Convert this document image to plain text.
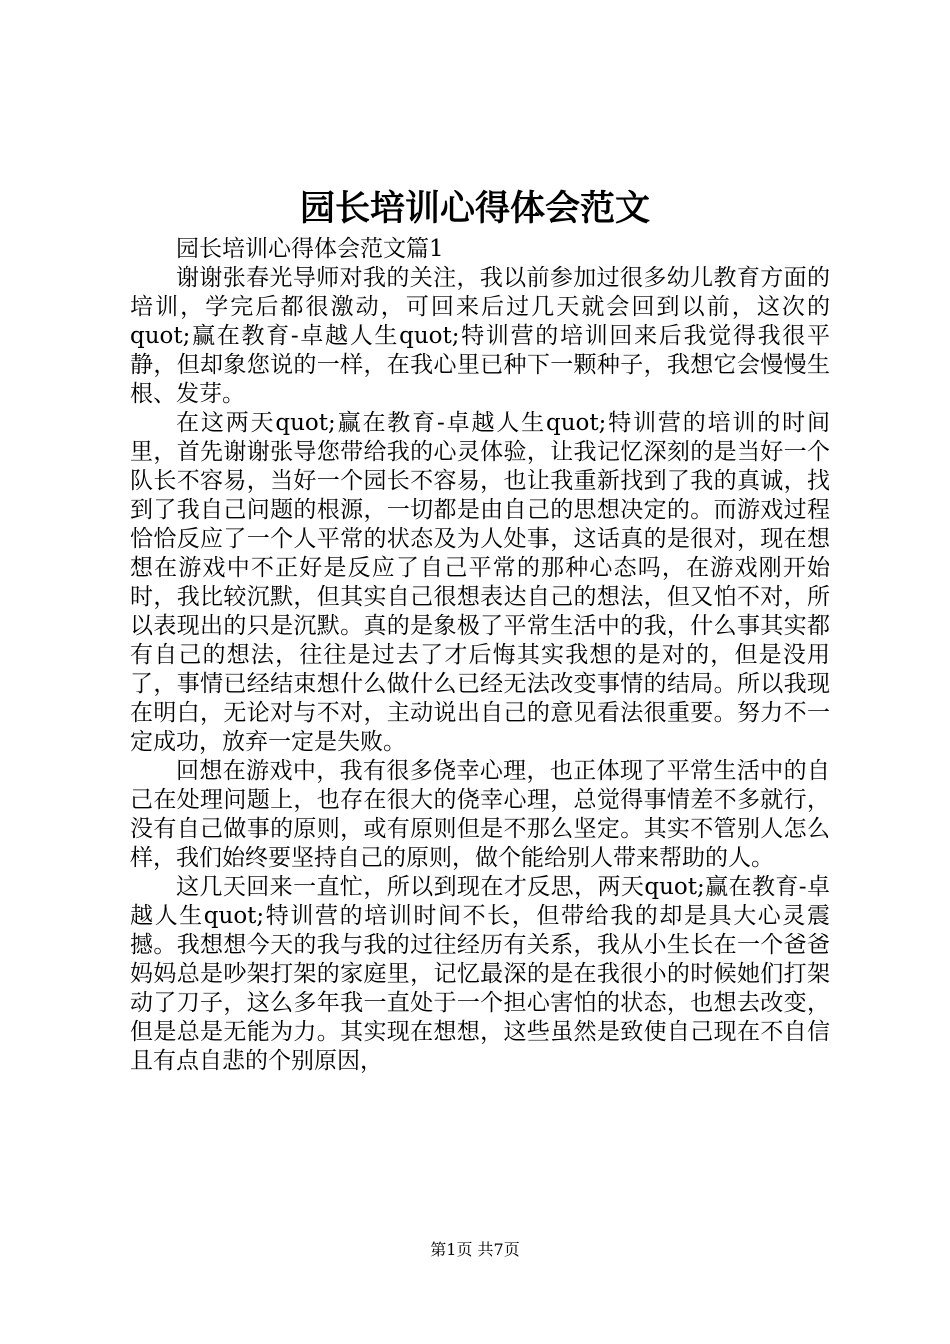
园长培训心得体会范文

园长培训心得体会范文篇1

谢谢张春光导师对我的关注，我以前参加过很多幼儿教育方面的培训，学完后都很激动，可回来后过几天就会回到以前，这次的quot;赢在教育-卓越人生quot;特训营的培训回来后我觉得我很平静，但却象您说的一样，在我心里已种下一颗种子，我想它会慢慢生根、发芽。

在这两天quot;赢在教育-卓越人生quot;特训营的培训的时间里，首先谢谢张导您带给我的心灵体验，让我记忆深刻的是当好一个队长不容易，当好一个园长不容易，也让我重新找到了我的真诚，找到了我自己问题的根源，一切都是由自己的思想决定的。而游戏过程恰恰反应了一个人平常的状态及为人处事，这话真的是很对，现在想想在游戏中不正好是反应了自己平常的那种心态吗，在游戏刚开始时，我比较沉默，但其实自己很想表达自己的想法，但又怕不对，所以表现出的只是沉默。真的是象极了平常生活中的我，什么事其实都有自己的想法，往往是过去了才后悔其实我想的是对的，但是没用了，事情已经结束想什么做什么已经无法改变事情的结局。所以我现在明白，无论对与不对，主动说出自己的意见看法很重要。努力不一定成功，放弃一定是失败。

回想在游戏中，我有很多侥幸心理，也正体现了平常生活中的自己在处理问题上，也存在很大的侥幸心理，总觉得事情差不多就行，没有自己做事的原则，或有原则但是不那么坚定。其实不管别人怎么样，我们始终要坚持自己的原则，做个能给别人带来帮助的人。

这几天回来一直忙，所以到现在才反思，两天quot;赢在教育-卓越人生quot;特训营的培训时间不长，但带给我的却是具大心灵震撼。我想想今天的我与我的过往经历有关系，我从小生长在一个爸爸妈妈总是吵架打架的家庭里，记忆最深的是在我很小的时候她们打架动了刀子，这么多年我一直处于一个担心害怕的状态，也想去改变，但是总是无能为力。其实现在想想，这些虽然是致使自己现在不自信且有点自悲的个别原因，

第1页 共7页
